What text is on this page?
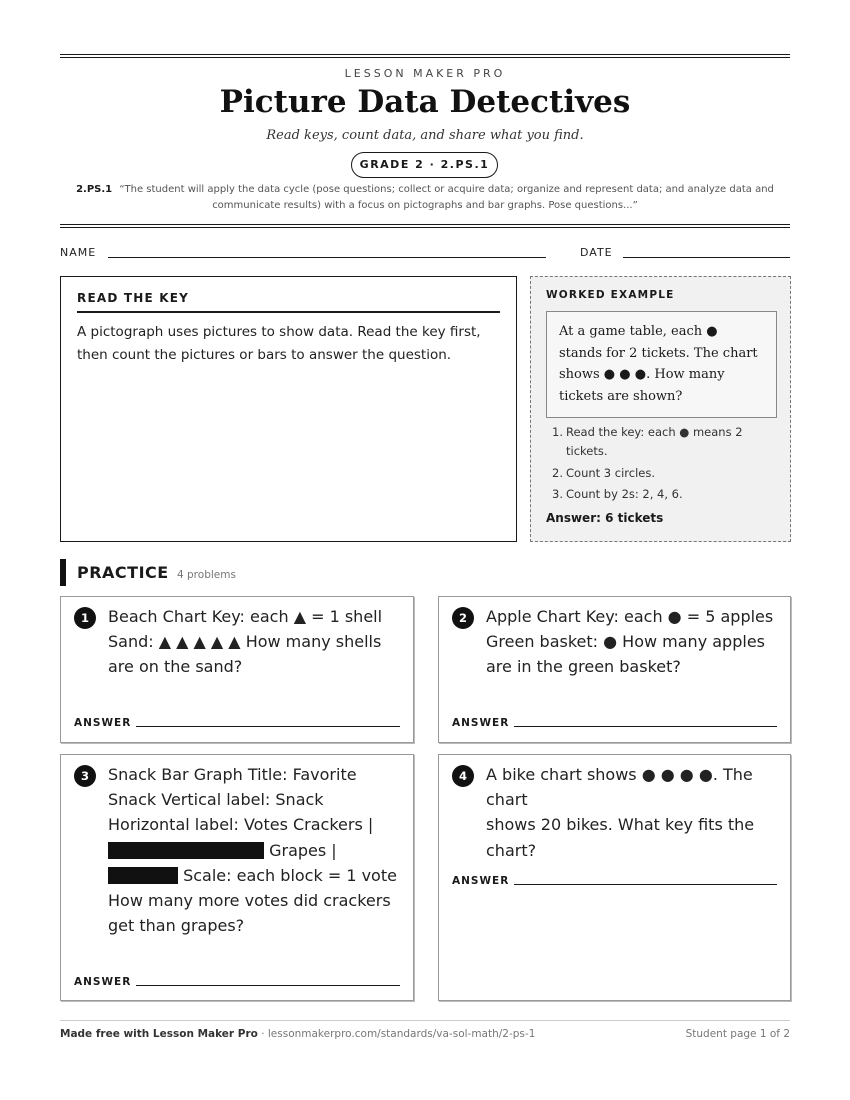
LESSON MAKER PRO
Picture Data Detectives
Read keys, count data, and share what you find.
GRADE 2 · 2.PS.1
2.PS.1 “The student will apply the data cycle (pose questions; collect or acquire data; organize and represent data; and analyze data and communicate results) with a focus on pictographs and bar graphs. Pose questions...”
NAME	DATE
READ THE KEY
A pictograph uses pictures to show data. Read the key first, then count the pictures or bars to answer the question.
WORKED EXAMPLE
At a game table, each ● stands for 2 tickets. The chart shows ● ● ●. How many tickets are shown?
1. Read the key: each ● means 2 tickets.
2. Count 3 circles.
3. Count by 2s: 2, 4, 6.
Answer: 6 tickets
PRACTICE 4 problems
1	Beach Chart Key: each ▲ = 1 shell
Sand: ▲ ▲ ▲ ▲ ▲ How many shells
are on the sand?
ANSWER
2	Apple Chart Key: each ● = 5 apples
Green basket: ● How many apples
are in the green basket?
ANSWER
3	Snack Bar Graph Title: Favorite
Snack Vertical label: Snack
Horizontal label: Votes Crackers |
Grapes |
Scale: each block = 1 vote
How many more votes did crackers
get than grapes?
ANSWER
4	A bike chart shows ● ● ● ●. The chart
shows 20 bikes. What key fits the
chart?
ANSWER
Made free with Lesson Maker Pro · lessonmakerpro.com/standards/va-sol-math/2-ps-1	Student page 1 of 2
